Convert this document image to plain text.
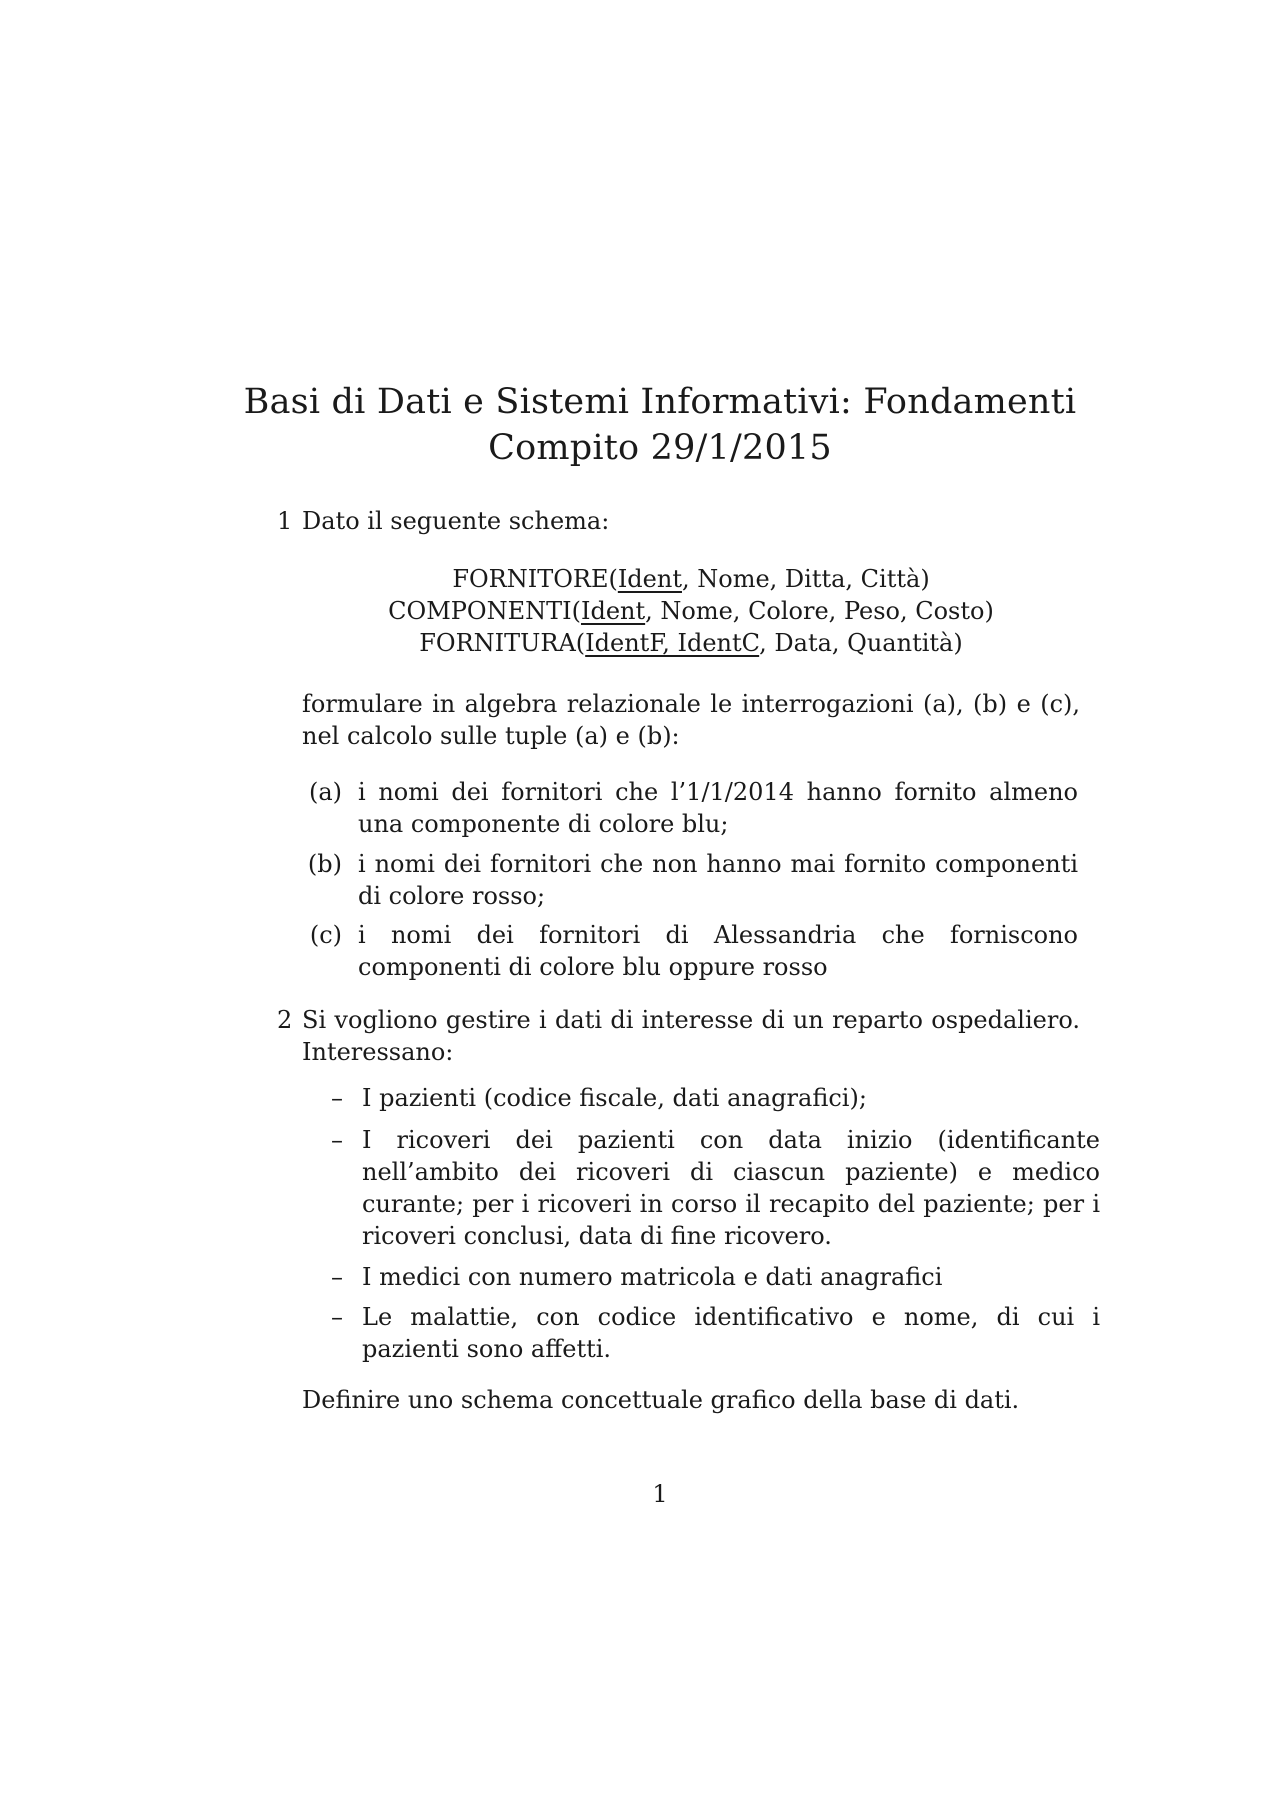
Basi di Dati e Sistemi Informativi: Fondamenti
Compito 29/1/2015
1 Dato il seguente schema:
FORNITORE(Ident, Nome, Ditta, Città)
COMPONENTI(Ident, Nome, Colore, Peso, Costo)
FORNITURA(IdentF, IdentC, Data, Quantità)
formulare in algebra relazionale le interrogazioni (a), (b) e (c), nel calcolo sulle tuple (a) e (b):
(a) i nomi dei fornitori che l’1/1/2014 hanno fornito almeno una componente di colore blu;
(b) i nomi dei fornitori che non hanno mai fornito componenti di colore rosso;
(c) i nomi dei fornitori di Alessandria che forniscono componenti di colore blu oppure rosso
2 Si vogliono gestire i dati di interesse di un reparto ospedaliero. Interessano:
– I pazienti (codice fiscale, dati anagrafici);
– I ricoveri dei pazienti con data inizio (identificante nell’ambito dei ricoveri di ciascun paziente) e medico curante; per i ricoveri in corso il recapito del paziente; per i ricoveri conclusi, data di fine ricovero.
– I medici con numero matricola e dati anagrafici
– Le malattie, con codice identificativo e nome, di cui i pazienti sono affetti.
Definire uno schema concettuale grafico della base di dati.
1
